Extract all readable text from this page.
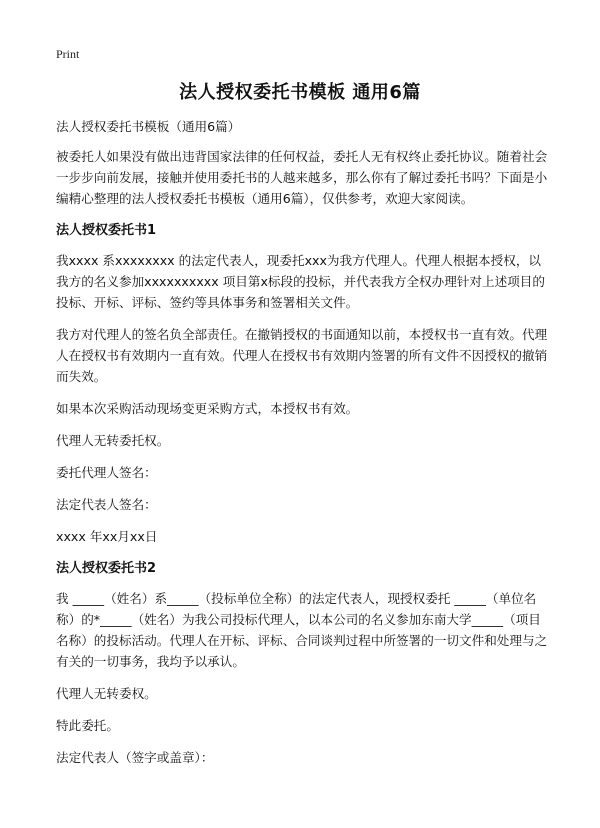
Print
法人授权委托书模板 通用6篇

法人授权委托书模板（通用6篇）

被委托人如果没有做出违背国家法律的任何权益，委托人无有权终止委托协议。随着社会一步步向前发展，接触并使用委托书的人越来越多，那么你有了解过委托书吗？下面是小编精心整理的法人授权委托书模板（通用6篇），仅供参考，欢迎大家阅读。

法人授权委托书1

我xxxx 系xxxxxxxx 的法定代表人，现委托xxx为我方代理人。代理人根据本授权，以我方的名义参加xxxxxxxxxx 项目第x标段的投标，并代表我方全权办理针对上述项目的 投标、开标、评标、签约等具体事务和签署相关文件。

我方对代理人的签名负全部责任。在撤销授权的书面通知以前，本授权书一直有效。代理人在授权书有效期内一直有效。代理人在授权书有效期内签署的所有文件不因授权的撤销而失效。

如果本次采购活动现场变更采购方式，本授权书有效。

代理人无转委托权。

委托代理人签名：

法定代表人签名：

xxxx 年xx月xx日

法人授权委托书2

我 _____（姓名）系_____（投标单位全称）的法定代表人，现授权委托 _____（单位名称）的*_____（姓名）为我公司投标代理人，以本公司的名义参加东南大学_____（项目名称）的投标活动。代理人在开标、评标、合同谈判过程中所签署的一切文件和处理与之有关的一切事务，我均予以承认。

代理人无转委权。

特此委托。

法定代表人（签字或盖章）：
